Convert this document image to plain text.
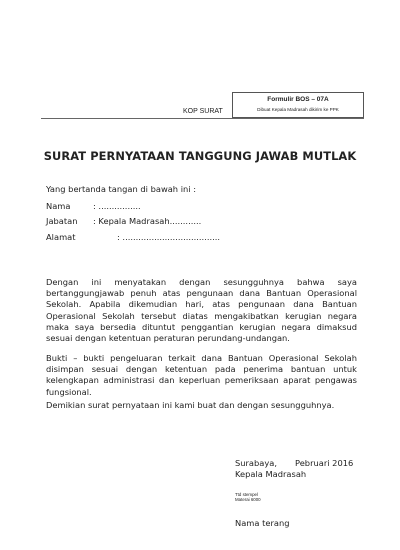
Formulir BOS – 07A
Dibuat Kepala Madrasah dikirim ke PPK
KOP SURAT
SURAT PERNYATAAN TANGGUNG JAWAB MUTLAK
Yang bertanda tangan di bawah ini :
Nama	: ................
Jabatan : Kepala Madrasah............
Alamat	: .....................................
Dengan ini menyatakan dengan sesungguhnya bahwa saya bertanggungjawab penuh atas pengunaan dana Bantuan Operasional Sekolah. Apabila dikemudian hari, atas pengunaan dana Bantuan Operasional Sekolah tersebut diatas mengakibatkan kerugian negara maka saya bersedia dituntut penggantian kerugian negara dimaksud sesuai dengan ketentuan peraturan perundang-undangan.
Bukti – bukti pengeluaran terkait dana Bantuan Operasional Sekolah disimpan sesuai dengan ketentuan pada penerima bantuan untuk kelengkapan administrasi dan keperluan pemeriksaan aparat pengawas fungsional.
Demikian surat pernyataan ini kami buat dan dengan sesungguhnya.
Surabaya, Pebruari 2016
Kepala Madrasah
Ttd stempel
Materai 6000
Nama terang
